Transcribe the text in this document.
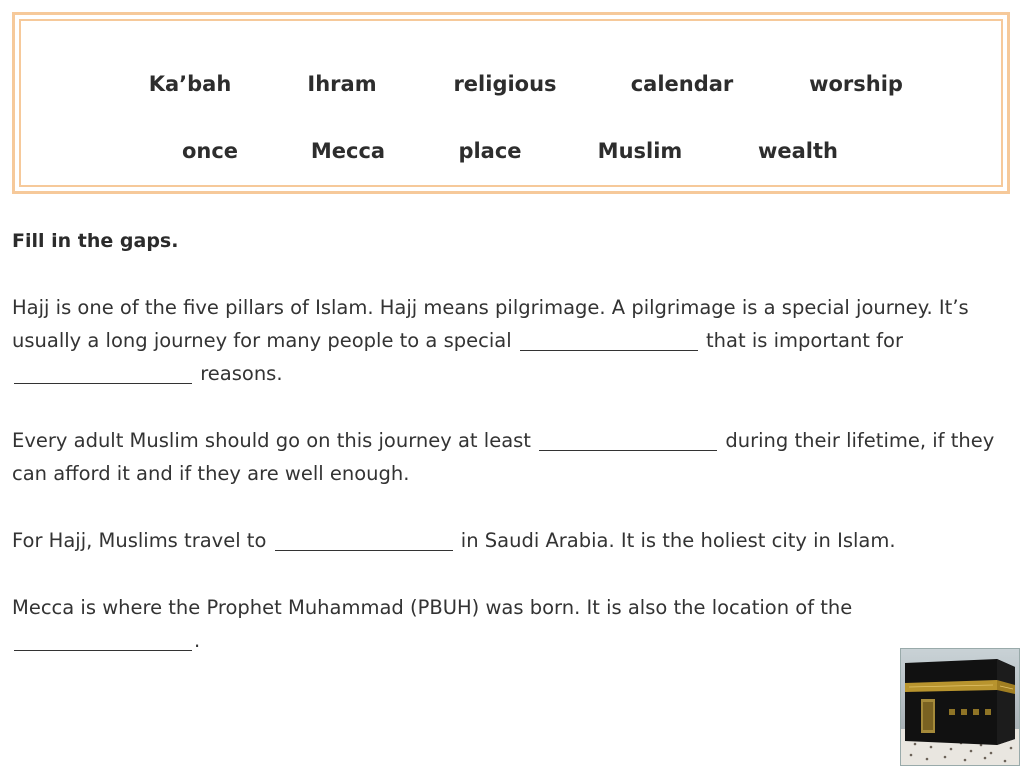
Ka’bah	Ihram	religious	calendar	worship
once	Mecca	place	Muslim	wealth
Fill in the gaps.

Hajj is one of the five pillars of Islam. Hajj means pilgrimage. A pilgrimage is a special journey. It’s usually a long journey for many people to a special	that is important for  reasons.

Every adult Muslim should go on this journey at least	during their lifetime, if they can afford it and if they are well enough.

For Hajj, Muslims travel to	in Saudi Arabia. It is the holiest city in Islam.

Mecca is where the Prophet Muhammad (PBUH) was born. It is also the location of the .
